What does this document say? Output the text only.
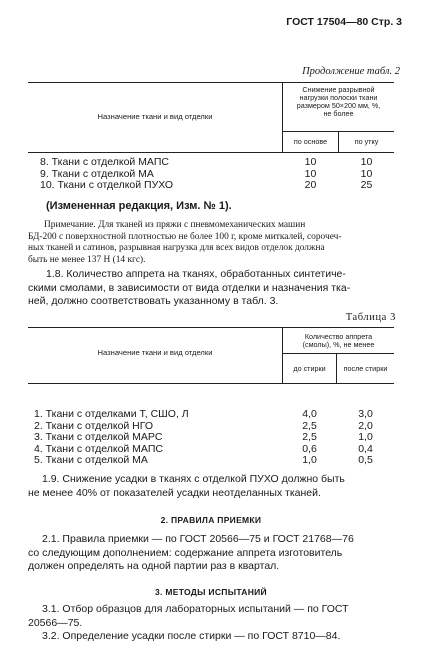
ГОСТ 17504—80 Стр. 3
Продолжение табл. 2
Назначение ткани и вид отделки
Снижение разрывной
нагрузки полоски ткани
размером 50×200 мм, %,
не более
по основе	по утку
8. Ткани с отделкой МАПС
9. Ткани с отделкой МА
10. Ткани с отделкой ПУХО
10
10
20
10
10
25
(Измененная редакция, Изм. № 1).
Примечание. Для тканей из пряжи с пневмомеханических машин
БД-200 с поверхностной плотностью не более 100 г, кроме миткалей, сорочеч-
ных тканей и сатинов, разрывная нагрузка для всех видов отделок должна
быть не менее 137 Н (14 кгс).
1.8. Количество аппрета на тканях, обработанных синтетиче-
скими смолами, в зависимости от вида отделки и назначения тка-
ней, должно соответствовать указанному в табл. 3.
Таблица 3
Назначение ткани и вид отделки
Количество аппрета
(смолы), %, не менее
до стирки	после стирки
1. Ткани с отделками Т, СШО, Л
2. Ткани с отделкой НГО
3. Ткани с отделкой МАРС
4. Ткани с отделкой МАПС
5. Ткани с отделкой МА
4,0
2,5
2,5
0,6
1,0
3,0
2,0
1,0
0,4
0,5
1.9. Снижение усадки в тканях с отделкой ПУХО должно быть
не менее 40% от показателей усадки неотделанных тканей.
2. ПРАВИЛА ПРИЕМКИ
2.1. Правила приемки — по ГОСТ 20566—75 и ГОСТ 21768—76
со следующим дополнением: содержание аппрета изготовитель
должен определять на одной партии раз в квартал.
3. МЕТОДЫ ИСПЫТАНИЙ
3.1. Отбор образцов для лабораторных испытаний — по ГОСТ
20566—75.
3.2. Определение усадки после стирки — по ГОСТ 8710—84.
